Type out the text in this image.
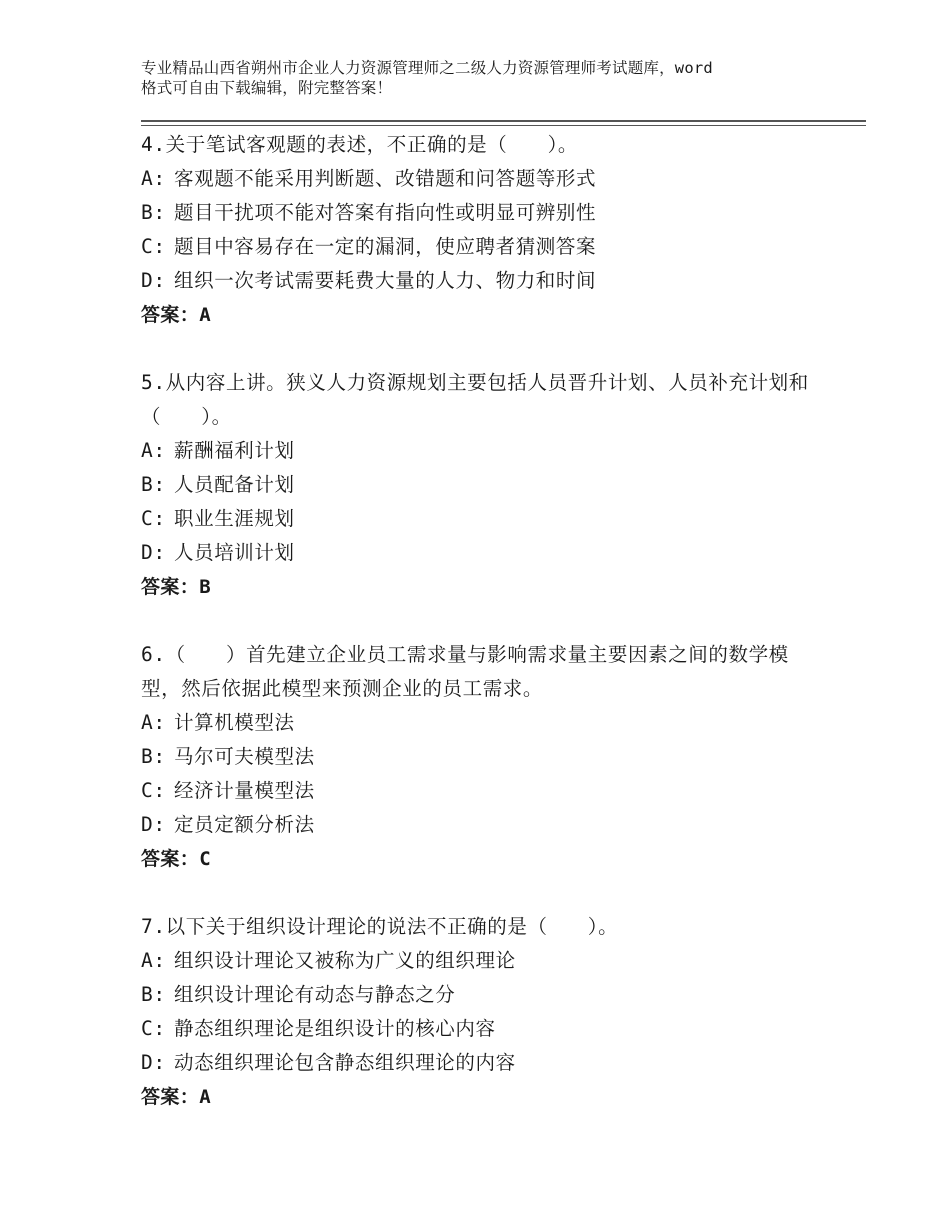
专业精品山西省朔州市企业人力资源管理师之二级人力资源管理师考试题库，word
格式可自由下载编辑，附完整答案！

4.关于笔试客观题的表述，不正确的是（　　）。

A: 客观题不能采用判断题、改错题和问答题等形式

B: 题目干扰项不能对答案有指向性或明显可辨别性

C: 题目中容易存在一定的漏洞，使应聘者猜测答案

D: 组织一次考试需要耗费大量的人力、物力和时间

答案：A

5.从内容上讲。狭义人力资源规划主要包括人员晋升计划、人员补充计划和（　　）。

A: 薪酬福利计划

B: 人员配备计划

C: 职业生涯规划

D: 人员培训计划

答案：B

6.（　　）首先建立企业员工需求量与影响需求量主要因素之间的数学模型，然后依据此模型来预测企业的员工需求。

A: 计算机模型法

B: 马尔可夫模型法

C: 经济计量模型法

D: 定员定额分析法

答案：C

7.以下关于组织设计理论的说法不正确的是（　　）。

A: 组织设计理论又被称为广义的组织理论

B: 组织设计理论有动态与静态之分

C: 静态组织理论是组织设计的核心内容

D: 动态组织理论包含静态组织理论的内容

答案：A
